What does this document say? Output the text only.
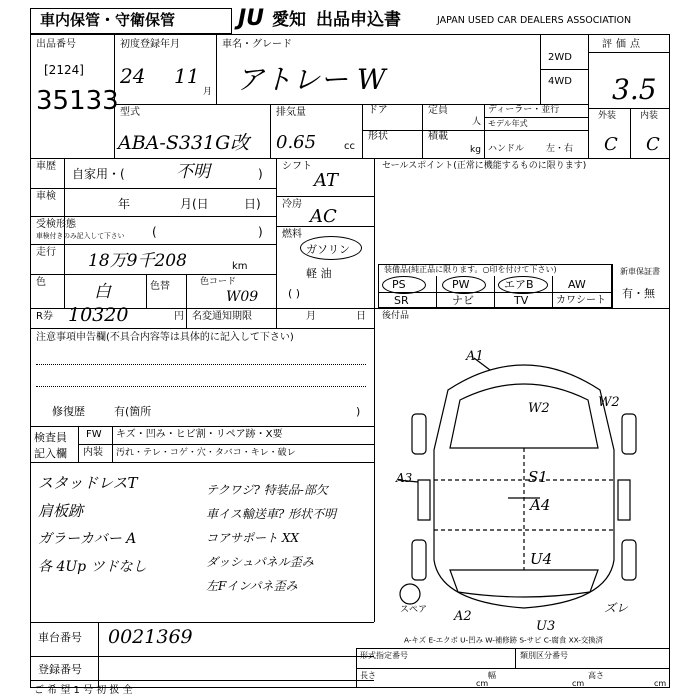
車内保管・守衛保管	JU 愛知 出品申込書	JAPAN USED CAR DEALERS ASSOCIATION
出品番号
[2124]
35133
初度登録年月
24 11
月
車名・グレード
アトレー W
2WD
4WD
評価点
3.5
外装	内装
C C
型式
ABA-S331G改
排気量
0.65	cc
ドア	定員
人
形状	積載
kg
ディーラー・並行
モデル年式
ハンドル 左・右
車歴
自家用・(	不明	)
車検
年	月(日	日)
受検形態
車検付きのみ記入して下さい (	)
走行 18万9千208	km
色	白	色替	色コード
W09
R券 10320	円 名変通知期限	月	日
シフト
AT
冷房
AC
燃料
ガソリン
軽 油
( )
セールスポイント(正常に機能するものに限ります)
装備品(純正品に限ります。○印を付けて下さい)
PS	PW	エアB	AW
SR	ナビ	TV	カワシート
新車保証書
有・無
後付品
注意事項申告欄(不具合内容等は具体的に記入して下さい)
修復歴	有(箇所	)
検査員
記入欄
FW キズ・凹み・ヒビ割・リペア跡・X要
内装 汚れ・テレ・コゲ・穴・タバコ・キレ・破レ
スタッドレスT
肩板跡
ガラーカバー A
各 4Up ツドなし
テクワジ? 特装品-部欠
車イス輸送車? 形状不明
コアサポート XX
ダッシュパネル歪み
左Fインパネ歪み
A1
W2	W2
A3	S1
A4
U4
A2
U3
スペア	ズレ
A-キズ E-エクボ U-凹み W-補修跡 S-サビ C-腐食 XX-交換済
車台番号 0021369
登録番号
ご 希 望 1 号 初 扱 全
形式指定番号	類別区分番号
長さ
cm
幅
cm
高さ
cm
